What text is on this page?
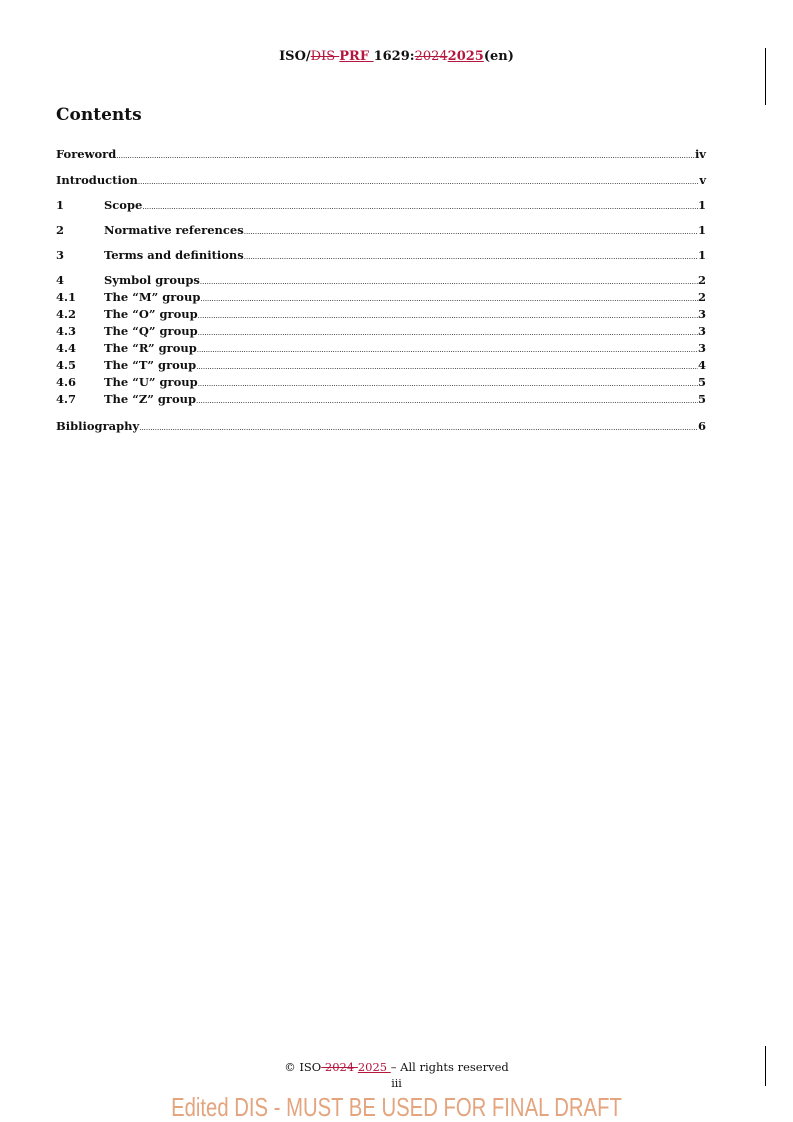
ISO/DIS PRF 1629:20242025(en)
Contents
Foreword .....	iv
Introduction .....	v
1	Scope .....	1
2	Normative references .....	1
3	Terms and definitions .....	1
4	Symbol groups .....	2
4.1	The “M” group .....	2
4.2	The “O” group .....	3
4.3	The “Q” group .....	3
4.4	The “R” group .....	3
4.5	The “T” group .....	4
4.6	The “U” group .....	5
4.7	The “Z” group .....	5
Bibliography .....	6
© ISO 2024 2025 – All rights reserved
iii
Edited DIS - MUST BE USED FOR FINAL DRAFT
